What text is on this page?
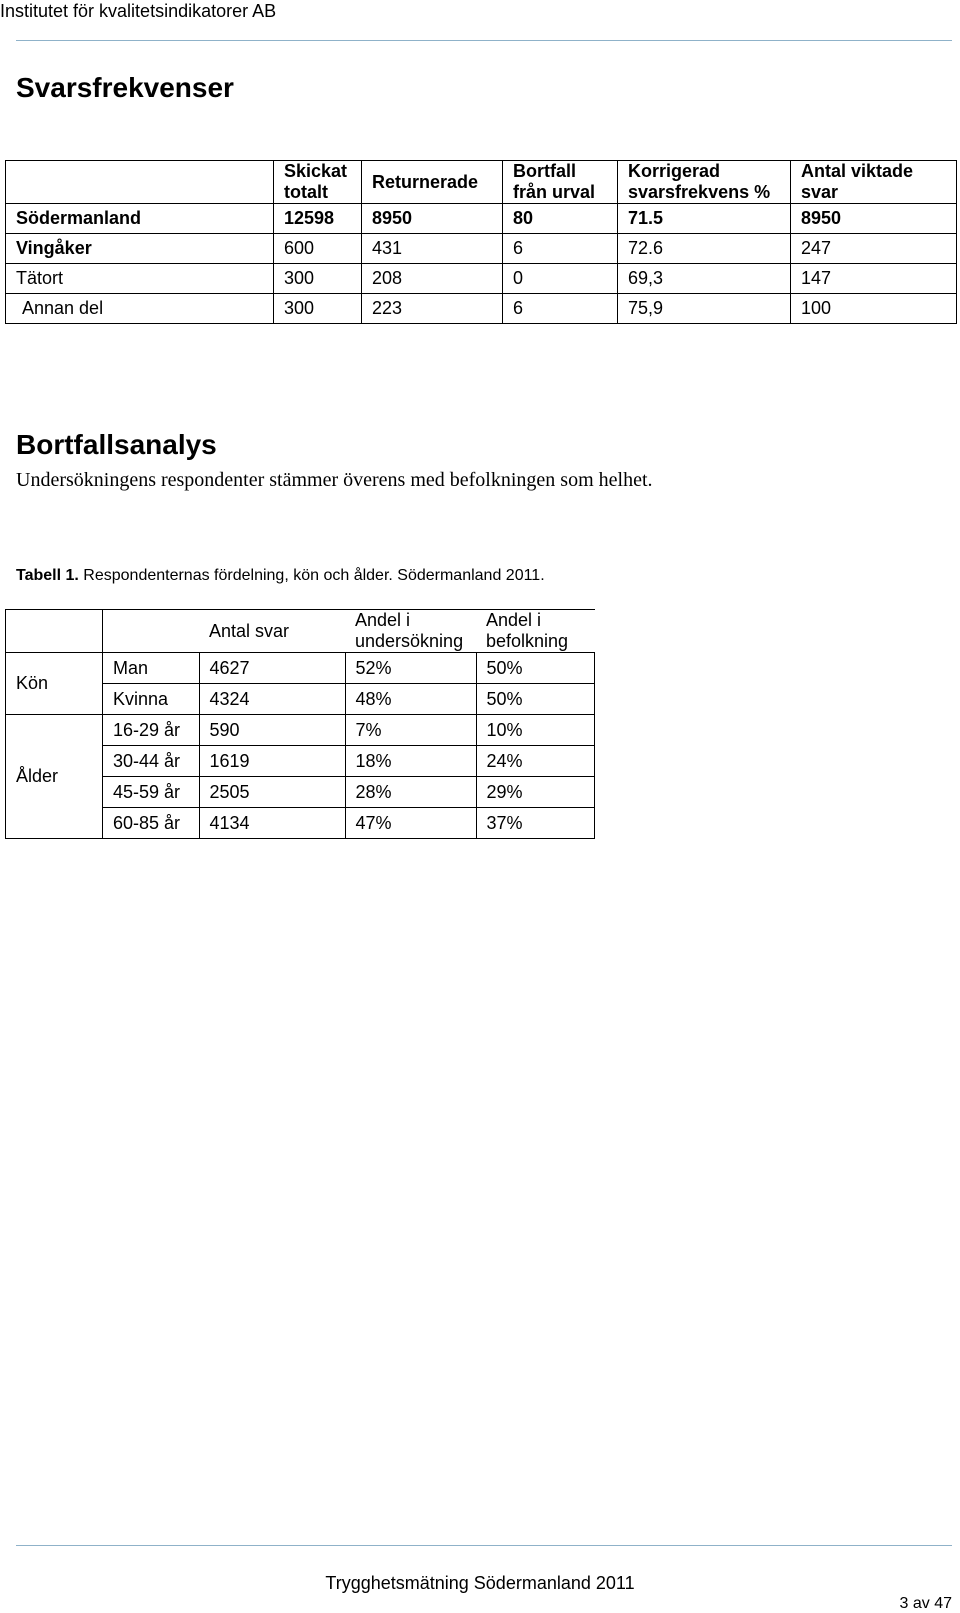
Institutet för kvalitetsindikatorer AB
Svarsfrekvenser
	Skickat totalt	Returnerade	Bortfall från urval	Korrigerad svarsfrekvens %	Antal viktade svar
Södermanland	12598	8950	80	71.5	8950
Vingåker	600	431	6	72.6	247
Tätort	300	208	0	69,3	147
Annan del	300	223	6	75,9	100
Bortfallsanalys
Undersökningens respondenter stämmer överens med befolkningen som helhet.
Tabell 1. Respondenternas fördelning, kön och ålder. Södermanland 2011.
		Antal svar	Andel i undersökning	Andel i befolkning
Kön	Man	4627	52%	50%
	Kvinna	4324	48%	50%
Ålder	16-29 år	590	7%	10%
	30-44 år	1619	18%	24%
	45-59 år	2505	28%	29%
	60-85 år	4134	47%	37%
Trygghetsmätning Södermanland 2011
3 av 47
